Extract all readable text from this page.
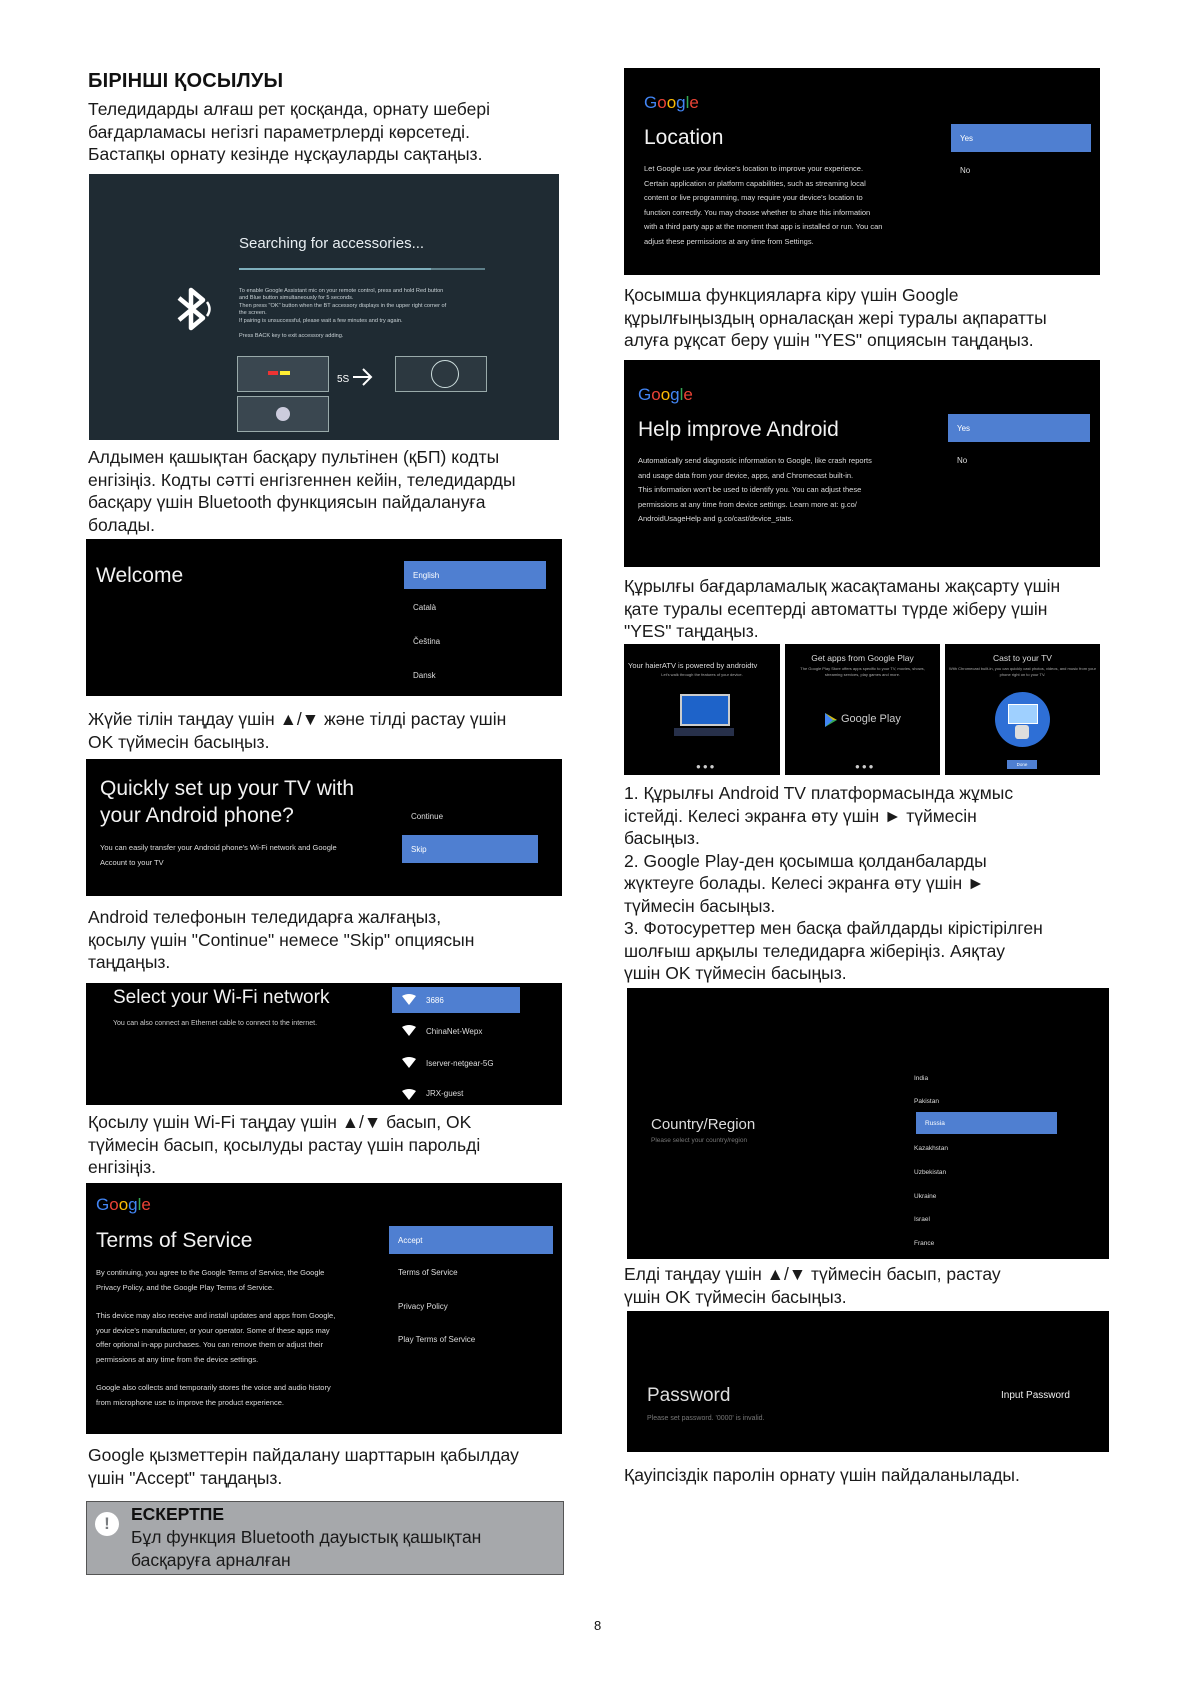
БІРІНШІ ҚОСЫЛУЫ
Теледидарды алғаш рет қосқанда, орнату шебері
бағдарламасы негізгі параметрлерді көрсетеді.
Бастапқы орнату кезінде нұсқауларды сақтаңыз.
Searching for accessories...
To enable Google Assistant mic on your remote control, press and hold Red button
and Blue button simultaneously for 5 seconds.
Then press "OK" button when the BT accessory displays in the upper right corner of
the screen.
If pairing is unsuccessful, please wait a few minutes and try again.
Press BACK key to exit accessory adding.
5S
Алдымен қашықтан басқару пультінен (қБП) кодты
енгізіңіз. Кодты сәтті енгізгеннен кейін, теледидарды
басқару үшін Bluetooth функциясын пайдалануға
болады.
Welcome	English
Català
Čeština
Dansk
Жүйе тілін таңдау үшін ▲/▼ және тілді растау үшін
OK түймесін басыңыз.
Quickly set up your TV with
your Android phone?
You can easily transfer your Android phone's Wi-Fi network and Google
Account to your TV
Continue
Skip
Android телефонын теледидарға жалғаңыз,
қосылу үшін "Continue" немесе "Skip" опциясын
таңдаңыз.
Select your Wi-Fi network
You can also connect an Ethernet cable to connect to the internet.
3686
ChinaNet-Wepx
Iserver-netgear-5G
JRX-guest
Қосылу үшін Wi-Fi таңдау үшін ▲/▼ басып, OK
түймесін басып, қосылуды растау үшін парольді
енгізіңіз.
Google
Terms of Service
By continuing, you agree to the Google Terms of Service, the Google
Privacy Policy, and the Google Play Terms of Service.
This device may also receive and install updates and apps from Google,
your device's manufacturer, or your operator. Some of these apps may
offer optional in-app purchases. You can remove them or adjust their
permissions at any time from the device settings.
Google also collects and temporarily stores the voice and audio history
from microphone use to improve the product experience.
Accept
Terms of Service
Privacy Policy
Play Terms of Service
Google қызметтерін пайдалану шарттарын қабылдау
үшін "Accept" таңдаңыз.
!	ЕСКЕРТПЕ
Бұл функция Bluetooth дауыстық қашықтан
басқаруға арналған
Google
Location
Let Google use your device's location to improve your experience.
Certain application or platform capabilities, such as streaming local
content or live programming, may require your device's location to
function correctly. You may choose whether to share this information
with a third party app at the moment that app is installed or run. You can
adjust these permissions at any time from Settings.
Yes
No
Қосымша функцияларға кіру үшін Google
құрылғыңыздың орналасқан жері туралы ақпаратты
алуға рұқсат беру үшін "YES" опциясын таңдаңыз.
Google
Help improve Android
Automatically send diagnostic information to Google, like crash reports
and usage data from your device, apps, and Chromecast built-in.
This information won't be used to identify you. You can adjust these
permissions at any time from device settings. Learn more at: g.co/
AndroidUsageHelp and g.co/cast/device_stats.
Yes
No
Құрылғы бағдарламалық жасақтаманы жақсарту үшін
қате туралы есептерді автоматты түрде жіберу үшін
"YES" таңдаңыз.
Your haierATV is powered by androidtv
Let's walk through the features of your device.
●●●
Get apps from Google Play
The Google Play Store offers apps specific to your TV, movies, shows, streaming services, play games and more.
Google Play
●●●
Cast to your TV
With Chromecast built-in, you can quickly cast photos, videos, and music from your phone right on to your TV.
Done
1. Құрылғы Android TV платформасында жұмыс
істейді. Келесі экранға өту үшін ► түймесін
басыңыз.
2. Google Play-ден қосымша қолданбаларды
жүктеуге болады. Келесі экранға өту үшін ►
түймесін басыңыз.
3. Фотосуреттер мен басқа файлдарды кірістірілген
шолғыш арқылы теледидарға жіберіңіз. Аяқтау
үшін OK түймесін басыңыз.
Country/Region
Please select your country/region
India
Pakistan
Russia
Kazakhstan
Uzbekistan
Ukraine
Israel
France
Елді таңдау үшін ▲/▼ түймесін басып, растау
үшін OK түймесін басыңыз.
Password
Please set password. '0000' is invalid.
Input Password
Қауіпсіздік паролін орнату үшін пайдаланылады.
8
